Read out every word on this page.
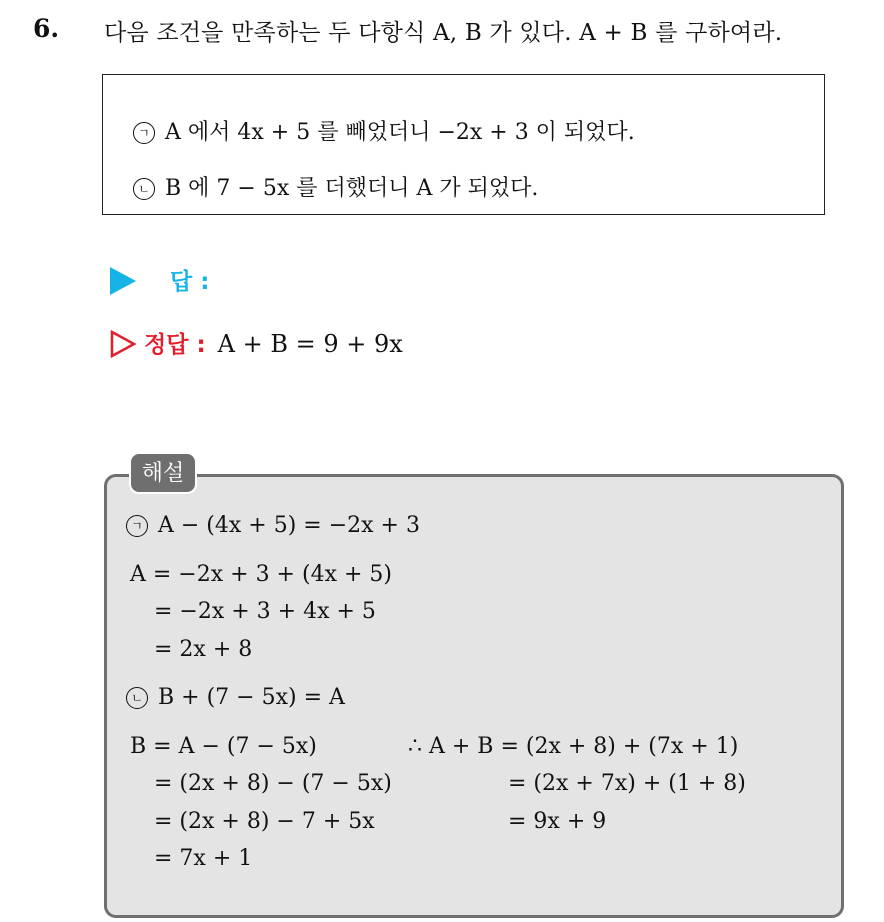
6. 다음 조건을 만족하는 두 다항식 A, B 가 있다. A + B 를 구하여라.
ㄱ A 에서 4x + 5 를 빼었더니 −2x + 3 이 되었다.
ㄴ B 에 7 − 5x 를 더했더니 A 가 되었다.
답 :
정답 : A + B = 9 + 9x
해설
ㄱ A − (4x + 5) = −2x + 3
A = −2x + 3 + (4x + 5)
= −2x + 3 + 4x + 5
= 2x + 8
ㄴ B + (7 − 5x) = A
B = A − (7 − 5x)
= (2x + 8) − (7 − 5x)
= (2x + 8) − 7 + 5x
= 7x + 1
∴ A + B = (2x + 8) + (7x + 1)
= (2x + 7x) + (1 + 8)
= 9x + 9
